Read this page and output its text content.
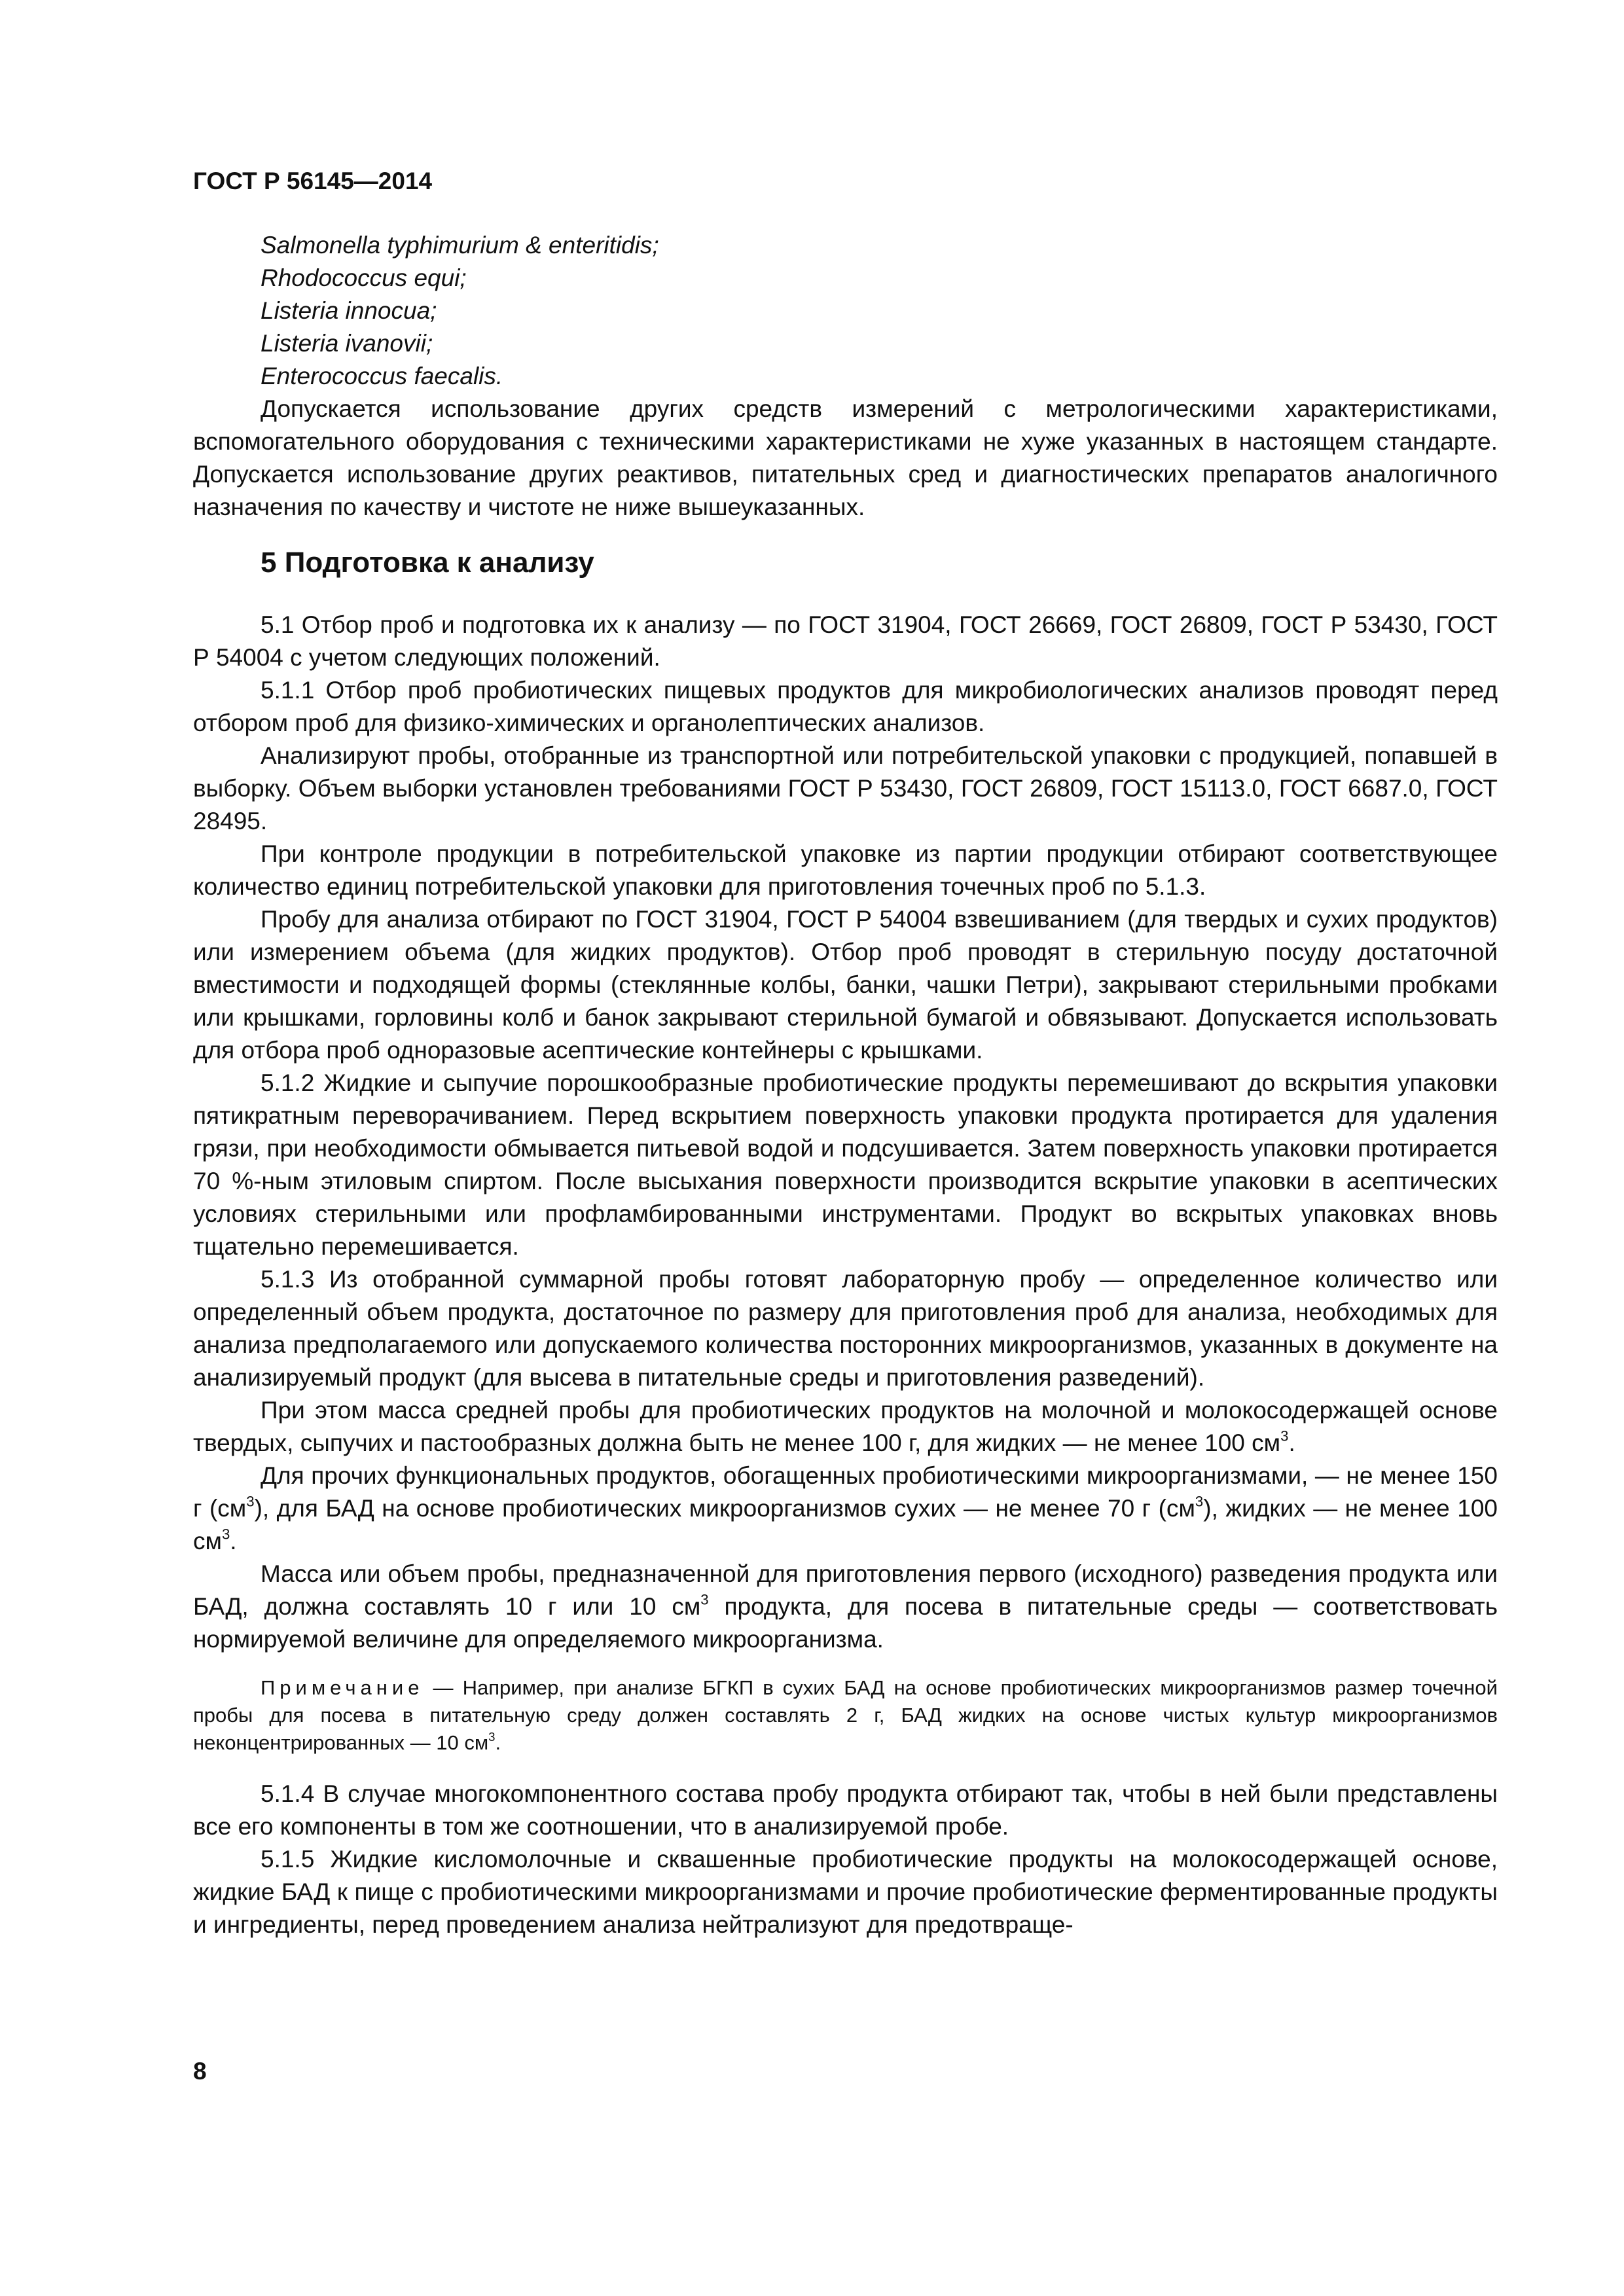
ГОСТ Р 56145—2014
Salmonella typhimurium & enteritidis;
Rhodococcus equi;
Listeria innocua;
Listeria ivanovii;
Enterococcus faecalis.

Допускается использование других средств измерений с метрологическими характеристиками, вспомогательного оборудования с техническими характеристиками не хуже указанных в настоящем стандарте. Допускается использование других реактивов, питательных сред и диагностических препаратов аналогичного назначения по качеству и чистоте не ниже вышеуказанных.

5 Подготовка к анализу

5.1 Отбор проб и подготовка их к анализу — по ГОСТ 31904, ГОСТ 26669, ГОСТ 26809, ГОСТ Р 53430, ГОСТ Р 54004 с учетом следующих положений.

5.1.1 Отбор проб пробиотических пищевых продуктов для микробиологических анализов проводят перед отбором проб для физико-химических и органолептических анализов.

Анализируют пробы, отобранные из транспортной или потребительской упаковки с продукцией, попавшей в выборку. Объем выборки установлен требованиями ГОСТ Р 53430, ГОСТ 26809, ГОСТ 15113.0, ГОСТ 6687.0, ГОСТ 28495.

При контроле продукции в потребительской упаковке из партии продукции отбирают соответствующее количество единиц потребительской упаковки для приготовления точечных проб по 5.1.3.

Пробу для анализа отбирают по ГОСТ 31904, ГОСТ Р 54004 взвешиванием (для твердых и сухих продуктов) или измерением объема (для жидких продуктов). Отбор проб проводят в стерильную посуду достаточной вместимости и подходящей формы (стеклянные колбы, банки, чашки Петри), закрывают стерильными пробками или крышками, горловины колб и банок закрывают стерильной бумагой и обвязывают. Допускается использовать для отбора проб одноразовые асептические контейнеры с крышками.

5.1.2 Жидкие и сыпучие порошкообразные пробиотические продукты перемешивают до вскрытия упаковки пятикратным переворачиванием. Перед вскрытием поверхность упаковки продукта протирается для удаления грязи, при необходимости обмывается питьевой водой и подсушивается. Затем поверхность упаковки протирается 70 %-ным этиловым спиртом. После высыхания поверхности производится вскрытие упаковки в асептических условиях стерильными или профламбированными инструментами. Продукт во вскрытых упаковках вновь тщательно перемешивается.

5.1.3 Из отобранной суммарной пробы готовят лабораторную пробу — определенное количество или определенный объем продукта, достаточное по размеру для приготовления проб для анализа, необходимых для анализа предполагаемого или допускаемого количества посторонних микроорганизмов, указанных в документе на анализируемый продукт (для высева в питательные среды и приготовления разведений).

При этом масса средней пробы для пробиотических продуктов на молочной и молокосодержащей основе твердых, сыпучих и пастообразных должна быть не менее 100 г, для жидких — не менее 100 $см^3$.

Для прочих функциональных продуктов, обогащенных пробиотическими микроорганизмами, — не менее 150 г $(см^3)$, для БАД на основе пробиотических микроорганизмов сухих — не менее 70 г $(см^3)$, жидких — не менее 100 $см^3$.

Масса или объем пробы, предназначенной для приготовления первого (исходного) разведения продукта или БАД, должна составлять 10 г или 10 $см^3$ продукта, для посева в питательные среды — соответствовать нормируемой величине для определяемого микроорганизма.

Примечание — Например, при анализе БГКП в сухих БАД на основе пробиотических микроорганизмов размер точечной пробы для посева в питательную среду должен составлять 2 г, БАД жидких на основе чистых культур микроорганизмов неконцентрированных — 10 $см^3$.

5.1.4 В случае многокомпонентного состава пробу продукта отбирают так, чтобы в ней были представлены все его компоненты в том же соотношении, что в анализируемой пробе.

5.1.5 Жидкие кисломолочные и сквашенные пробиотические продукты на молокосодержащей основе, жидкие БАД к пище с пробиотическими микроорганизмами и прочие пробиотические ферментированные продукты и ингредиенты, перед проведением анализа нейтрализуют для предотвраще-

8
